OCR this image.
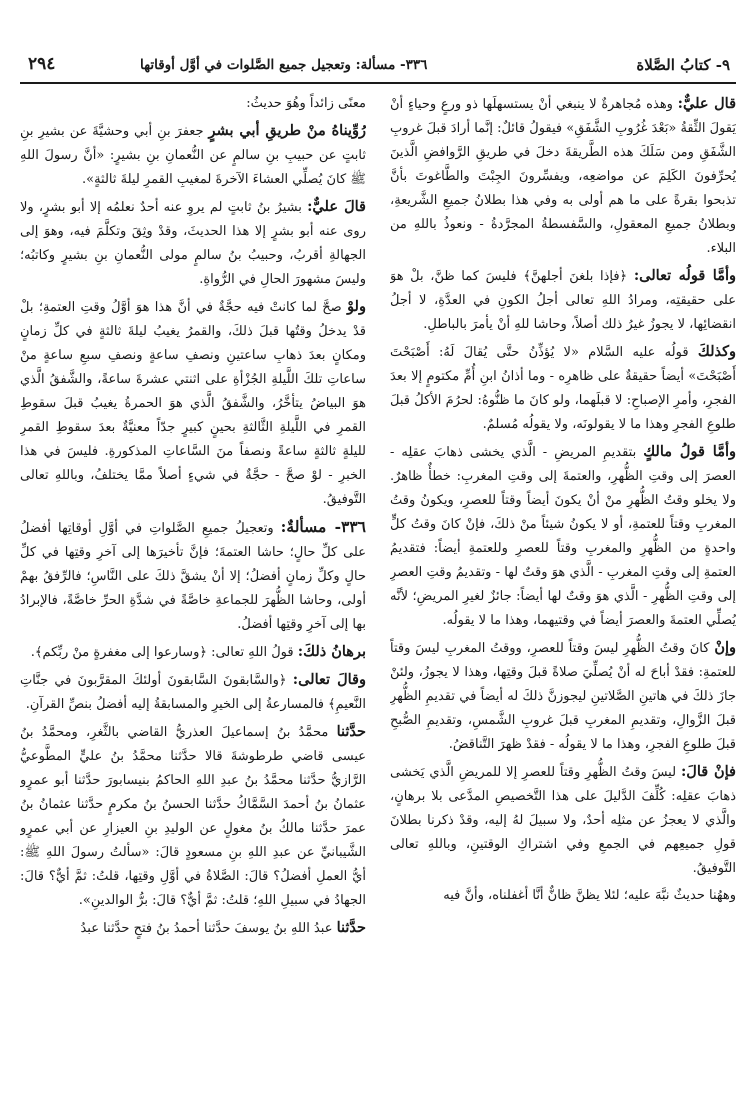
٩- كتابُ الصَّلاة
٣٣٦- مسألة: وتعجيل جميع الصَّلوات في أوَّل أوقاتها
٢٩٤

قال عليٌّ: وهذه مُجاهرةٌ لا ينبغي أنْ يستسهلَها ذو ورعٍ وحياءٍ أنْ يَقولَ الثِّقةُ «بَعْدَ غُرُوبِ الشَّفَقِ» فيقولُ قائلٌ: إنَّما أرادَ قبلَ غروبِ الشَّفَقِ ومن سَلَكَ هذه الطَّريقةَ دخلَ في طريقِ الرَّوافضِ الَّذينَ يُحرِّفونَ الكَلِمَ عن مواضعِه، ويفسِّرونَ الجِبْتَ والطَّاغوتَ بأنَّ تذبحوا بقرةً على ما هم أولى به وفي هذا بطلانُ جميعِ الشَّريعةِ، وبطلانُ جميعِ المعقولِ، والسَّفسطةُ المجرَّدةُ - ونعوذُ باللهِ من البلاء.

وأمَّا قولُه تعالى: ﴿فإذا بلغنَ أجلهنَّ﴾ فليسَ كما ظنَّ، بلْ هوَ على حقيقتِه، ومرادُ اللهِ تعالى أجلُ الكونِ في العدَّةِ، لا أجلُ انقضائِها، لا يجوزُ غيرُ ذلك أصلاً، وحاشا للهِ أنْ يأمرَ بالباطلِ.

وكذلكَ قولُه عليه السَّلام «لا يُؤذِّنُ حتَّى يُقالَ لَهُ: أَصْبَحْتَ أَصْبَحْتَ» أيضاً حقيقةٌ على ظاهرِه - وما أذانُ ابنِ أُمِّ مكتومٍ إلا بعدَ الفجرِ، وأمرِ الإصباحِ: لا قبلَهما، ولو كانَ ما ظنُّوهُ: لحرُمَ الأكلُ قبلَ طلوعِ الفجرِ وهذا ما لا يقولونَه، ولا يقولُه مُسلمٌ.

وأمَّا قولُ مالكٍ بتقديمِ المريضِ - الَّذي يخشى ذهابَ عقلِه - العصرَ إلى وقتِ الظُّهرِ، والعتمةَ إلى وقتِ المغربِ: خطأٌ ظاهرٌ. ولا يخلو وقتُ الظُّهرِ منْ أنْ يكونَ أيضاً وقتاً للعصرِ، ويكونُ وقتُ المغربِ وقتاً للعتمةِ، أو لا يكونُ شيئاً منْ ذلكَ، فإنْ كانَ وقتُ كلٍّ واحدةٍ من الظُّهرِ والمغربِ وقتاً للعصرِ وللعتمةِ أيضاً: فتقديمُ العتمةِ إلى وقتِ المغربِ - الَّذي هوَ وقتٌ لها - وتقديمُ وقتِ العصرِ إلى وقتِ الظُّهرِ - الَّذي هوَ وقتٌ لها أيضاً: جائزٌ لغيرِ المريضِ؛ لأنَّه يُصلِّي العتمةَ والعصرَ أيضاً في وقتيهما، وهذا ما لا يقولُه.

وإنْ كانَ وقتُ الظُّهرِ ليسَ وقتاً للعصرِ، ووقتُ المغربِ ليسَ وقتاً للعتمةِ: فقدْ أباحَ له أنْ يُصلِّيَ صلاةً قبلَ وقتِها، وهذا لا يجوزُ، ولئنْ جازَ ذلكَ في هاتينِ الصَّلاتينِ ليجوزنَّ ذلكَ له أيضاً في تقديمِ الظُّهرِ قبلَ الزَّوالِ، وتقديمِ المغربِ قبلَ غروبِ الشَّمسِ، وتقديمِ الصُّبحِ قبلَ طلوعِ الفجرِ، وهذا ما لا يقولُه - فقدْ ظهرَ التَّناقضُ.

فإنْ قالَ: ليسَ وقتُ الظُّهرِ وقتاً للعصرِ إلا للمريضِ الَّذي يَخشى ذهابَ عقلِه: كُلِّفَ الدَّليلَ على هذا التَّخصيصِ المدَّعى بلا برهانٍ، والَّذي لا يعجزُ عن مثلِه أحدٌ، ولا سبيلَ لهُ إليه، وقدْ ذكرنا بطلانَ قولِ جميعِهم في الجمعِ وفي اشتراكِ الوقتينِ، وباللهِ تعالى التَّوفيقُ.

وههُنا حديثٌ نبَّهَ عليه؛ لئلا يظنَّ ظانٌّ أنَّا أغفلناه، وأنَّ فيه

معنًى زائداً وهُوَ حديثُ:

رُوِّيناهُ منْ طريقِ أبي بشرٍ جعفرَ بنِ أبي وحشيَّةَ عن بشيرِ بنِ ثابتٍ عن حبيبِ بنِ سالمٍ عن النُّعمانِ بنِ بشيرٍ: «أنَّ رسولَ اللهِ ﷺ كانَ يُصلِّي العشاءَ الآخرةَ لمغيبِ القمرِ ليلةَ ثالثةٍ».

قالَ عليٌّ: بشيرُ بنُ ثابتٍ لم يروِ عنه أحدٌ نعلمُه إلا أبو بشرٍ، ولا روى عنه أبو بشرٍ إلا هذا الحديثَ، وقدْ وثِقَ وتكلَّمَ فيه، وهوَ إلى الجهالةِ أقربُ، وحبيبُ بنُ سالمٍ مولى النُّعمانِ بنِ بشيرٍ وكاتبُه؛ وليسَ مشهورَ الحالِ في الرُّواةِ.

ولوْ صحَّ لما كانتْ فيه حجَّةٌ في أنَّ هذا هوَ أوَّلُ وقتِ العتمةِ؛ بلْ قدْ يدخلُ وقتُها قبلَ ذلكَ، والقمرُ يغيبُ ليلةَ ثالثةٍ في كلِّ زمانٍ ومكانٍ بعدَ ذهابِ ساعتينِ ونصفِ ساعةٍ ونصفِ سبعِ ساعةٍ منْ ساعاتِ تلكَ اللَّيلةِ الجُزْأةِ على اثنتي عشرةَ ساعةً، والشَّفقُ الَّذي هوَ البياضُ يتأخَّرُ، والشَّفقُ الَّذي هوَ الحمرةُ يغيبُ قبلَ سقوطِ القمرِ في اللَّيلةِ الثَّالثةِ بحينٍ كبيرٍ جدّاً معنيَّةٌ بعدَ سقوطِ القمرِ لليلةٍ ثالثةٍ ساعةً ونصفاً منَ السَّاعاتِ المذكورةِ. فليسَ في هذا الخبرِ - لوْ صحَّ - حجَّةٌ في شيءٍ أصلاً ممَّا يختلفُ، وباللهِ تعالى التَّوفيقُ.

٣٣٦- مسألةٌ: وتعجيلُ جميعِ الصَّلواتِ في أوَّلِ أوقاتِها أفضلُ على كلِّ حالٍ؛ حاشا العتمةَ؛ فإنَّ تأخيرَها إلى آخرِ وقتِها في كلِّ حالٍ وكلِّ زمانٍ أفضلُ؛ إلا أنْ يشقَّ ذلكَ على النَّاسِ؛ فالرِّفقُ بهمْ أولى، وحاشا الظُّهرَ للجماعةِ خاصَّةً في شدَّةِ الحرِّ خاصَّةً، فالإبرادُ بها إلى آخرِ وقتِها أفضلُ.

برهانُ ذلكَ: قولُ اللهِ تعالى: ﴿وسارعوا إلى مغفرةٍ منْ ربِّكم﴾.

وقالَ تعالى: ﴿والسَّابقونَ السَّابقونَ أولئكَ المقرَّبونَ في جنَّاتِ النَّعيمِ﴾ فالمسارعةُ إلى الخيرِ والمسابقةُ إليه أفضلُ بنصِّ القرآنِ.

حدَّثنا محمَّدُ بنُ إسماعيلَ العذريُّ القاضي بالثَّغرِ، ومحمَّدُ بنُ عيسى قاضي طرطوشةَ قالا حدَّثنا محمَّدُ بنُ عليٍّ المطَّوعيُّ الرَّازيُّ حدَّثنا محمَّدُ بنُ عبدِ اللهِ الحاكمُ بنيسابورَ حدَّثنا أبو عمرٍو عثمانُ بنُ أحمدَ السَّمَّاكُ حدَّثنا الحسنُ بنُ مكرمٍ حدَّثنا عثمانُ بنُ عمرَ حدَّثنا مالكُ بنُ مغولٍ عن الوليدِ بنِ العيزارِ عن أبي عمرٍو الشَّيبانيِّ عن عبدِ اللهِ بنِ مسعودٍ قالَ: «سألتُ رسولَ اللهِ ﷺ: أيُّ العملِ أفضلُ؟ قالَ: الصَّلاةُ في أوَّلِ وقتِها، قلتُ: ثمَّ أيٌّ؟ قالَ: الجهادُ في سبيلِ اللهِ؛ قلتُ: ثمَّ أيٌّ؟ قالَ: برُّ الوالدينِ».

حدَّثنا عبدُ اللهِ بنُ يوسفَ حدَّثنا أحمدُ بنُ فتحٍ حدَّثنا عبدُ
